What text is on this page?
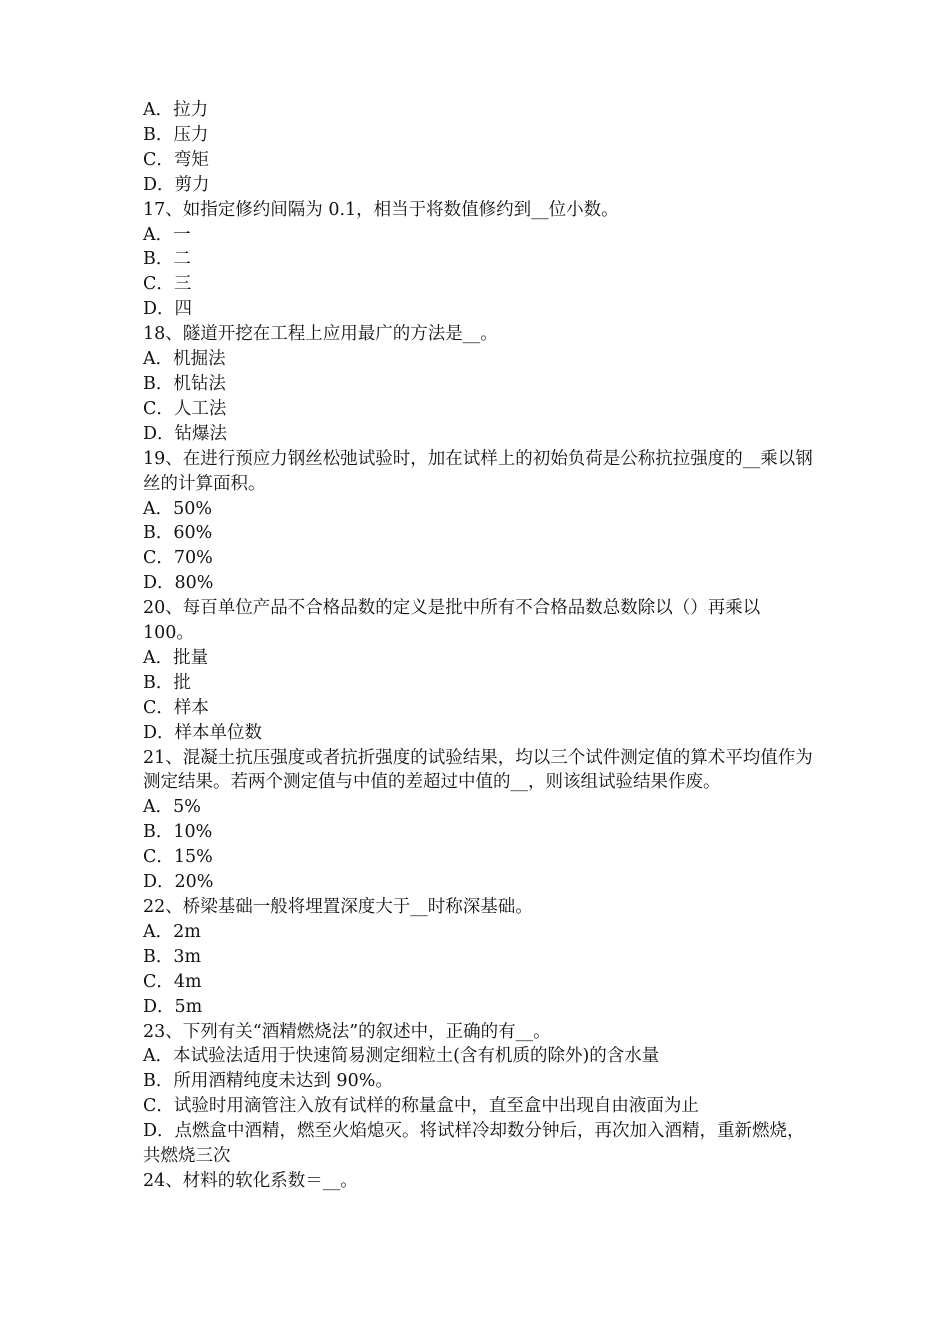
A．拉力
B．压力
C．弯矩
D．剪力
17、如指定修约间隔为 0.1，相当于将数值修约到__位小数。
A．一
B．二
C．三
D．四
18、隧道开挖在工程上应用最广的方法是__。
A．机掘法
B．机钻法
C．人工法
D．钻爆法
19、在进行预应力钢丝松弛试验时，加在试样上的初始负荷是公称抗拉强度的__乘以钢丝的计算面积。
A．50%
B．60%
C．70%
D．80%
20、每百单位产品不合格品数的定义是批中所有不合格品数总数除以（）再乘以 100。
A．批量
B．批
C．样本
D．样本单位数
21、混凝土抗压强度或者抗折强度的试验结果，均以三个试件测定值的算术平均值作为测定结果。若两个测定值与中值的差超过中值的__，则该组试验结果作废。
A．5%
B．10%
C．15%
D．20%
22、桥梁基础一般将埋置深度大于__时称深基础。
A．2m
B．3m
C．4m
D．5m
23、下列有关“酒精燃烧法”的叙述中，正确的有__。
A．本试验法适用于快速简易测定细粒土(含有机质的除外)的含水量
B．所用酒精纯度未达到 90%。
C．试验时用滴管注入放有试样的称量盒中，直至盒中出现自由液面为止
D．点燃盒中酒精，燃至火焰熄灭。将试样冷却数分钟后，再次加入酒精，重新燃烧，共燃烧三次
24、材料的软化系数＝__。
